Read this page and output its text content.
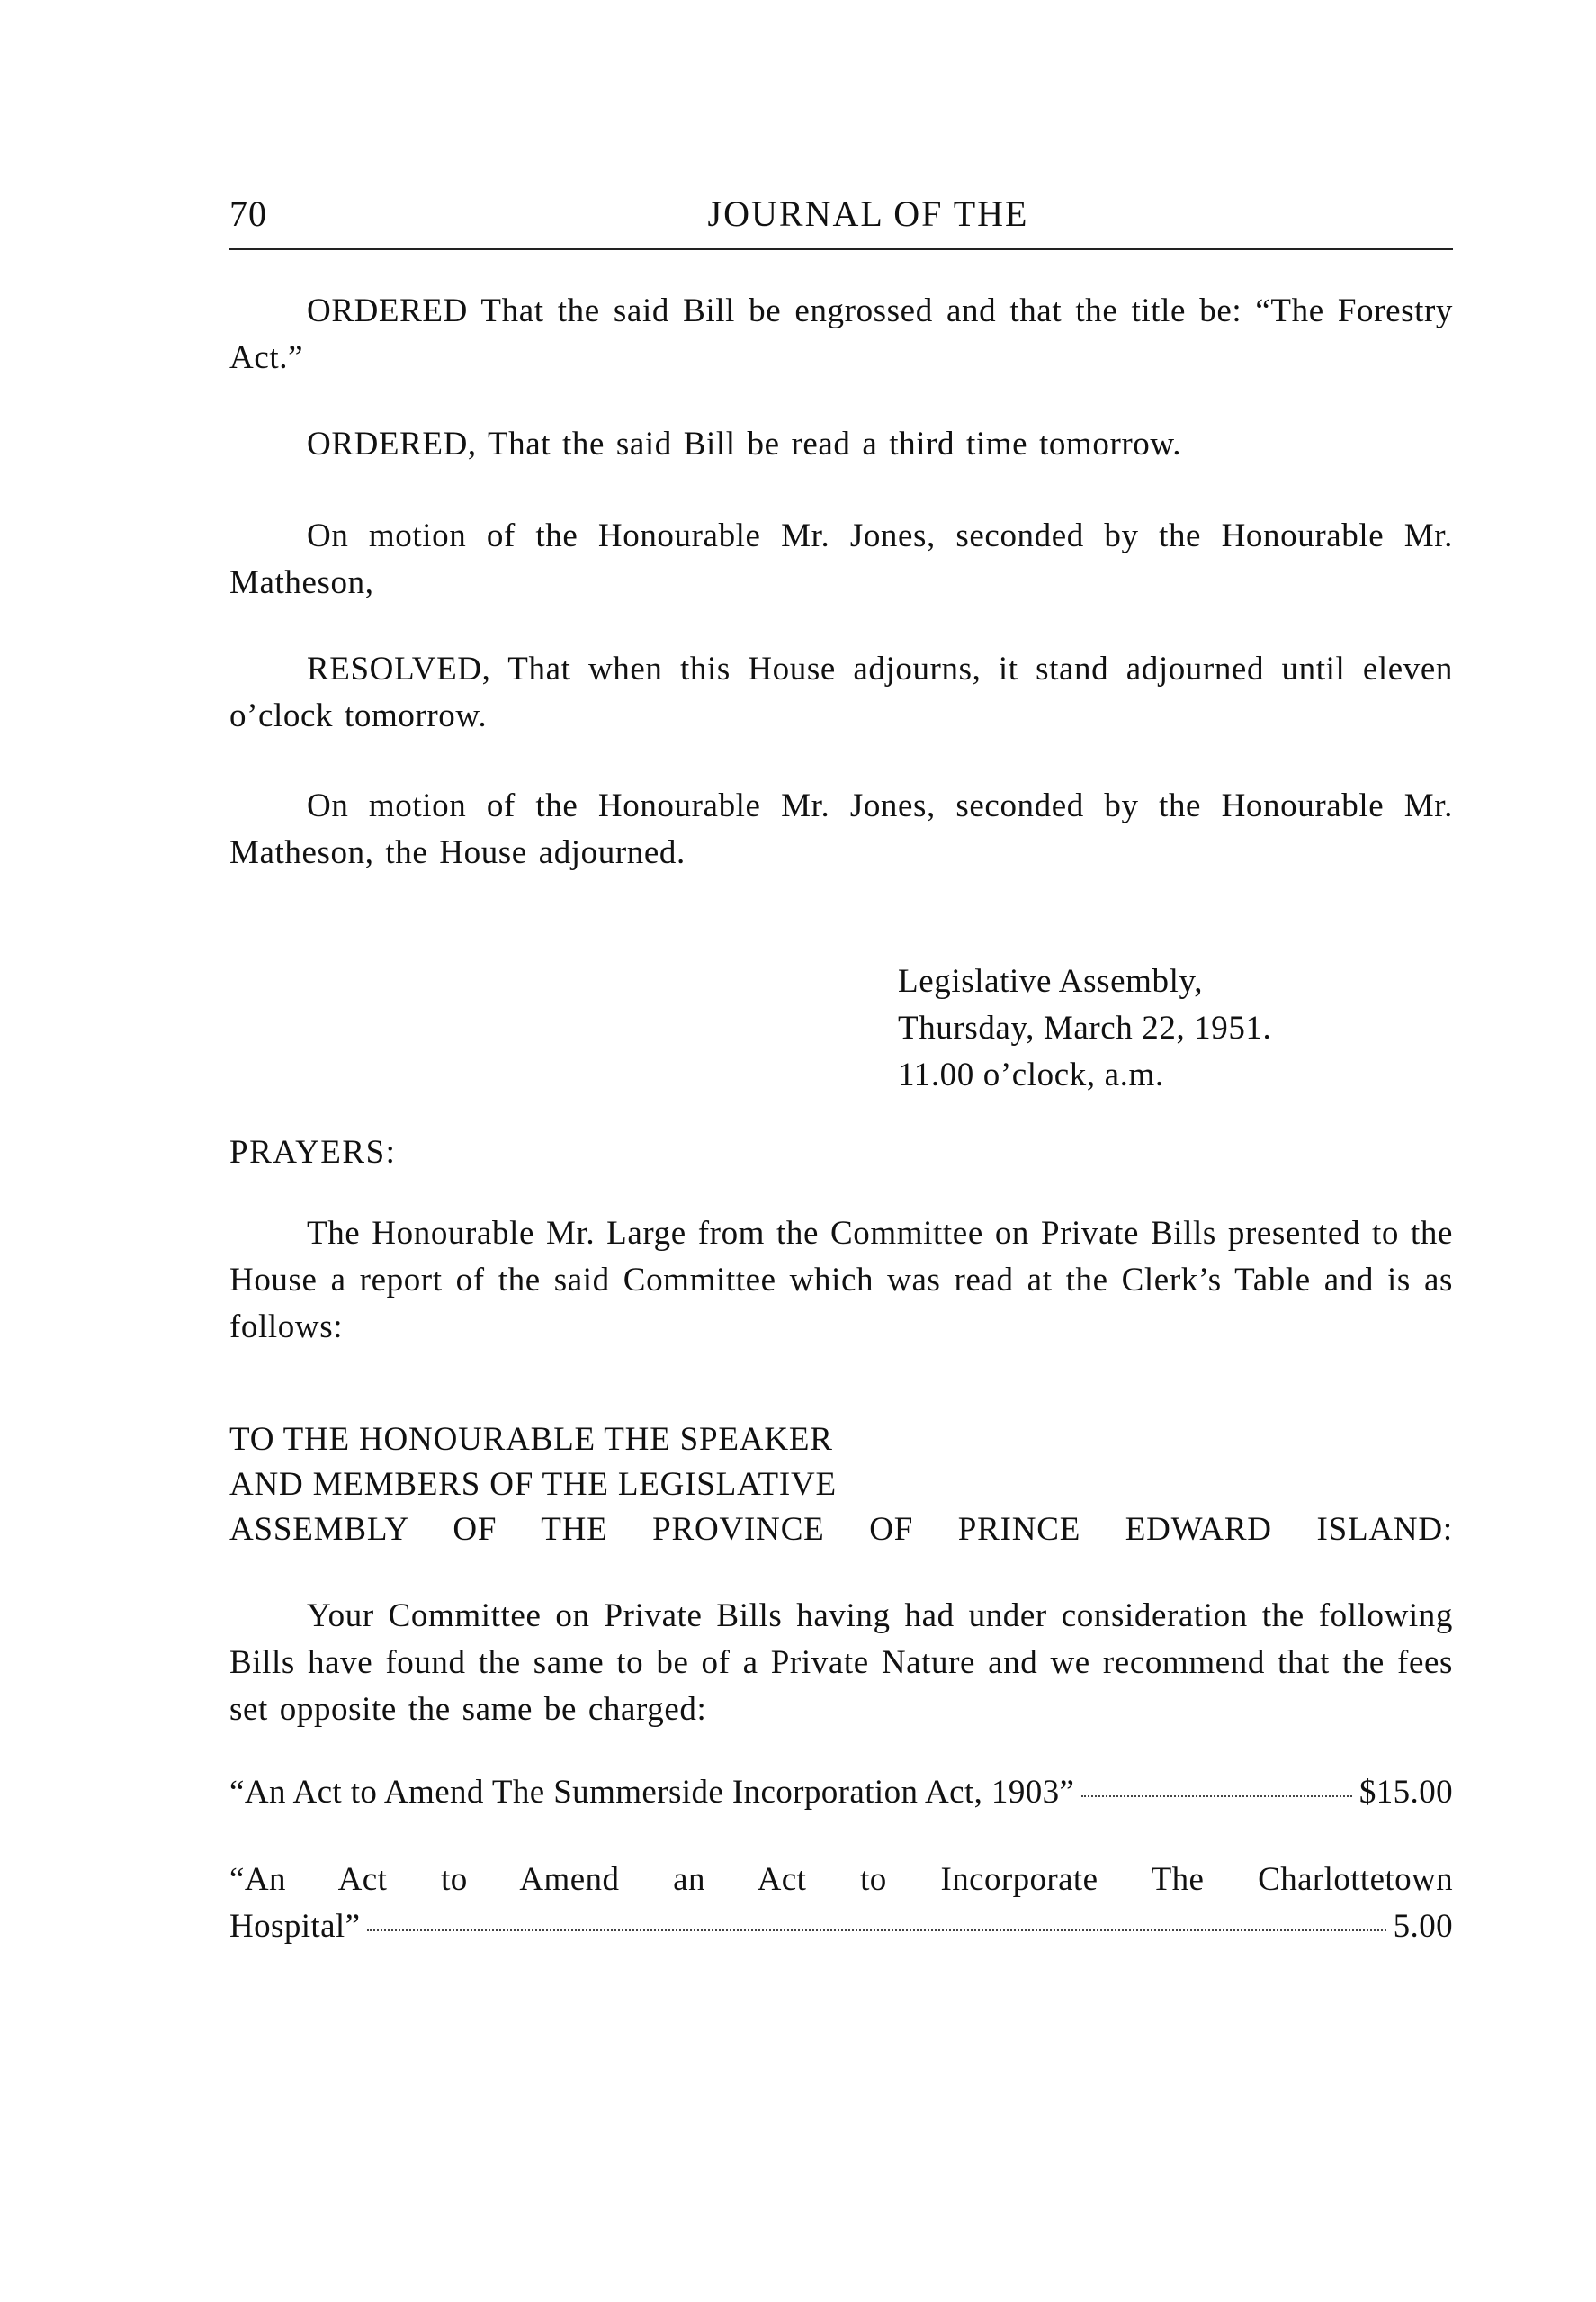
70	JOURNAL OF THE

ORDERED That the said Bill be engrossed and that the title be: “The Forestry Act.”

ORDERED, That the said Bill be read a third time tomorrow.

On motion of the Honourable Mr. Jones, seconded by the Honourable Mr. Matheson,

RESOLVED, That when this House adjourns, it stand adjourned until eleven o’clock tomorrow.

On motion of the Honourable Mr. Jones, seconded by the Honourable Mr. Matheson, the House adjourned.

Legislative Assembly,
Thursday, March 22, 1951.
11.00 o’clock, a.m.
PRAYERS:

The Honourable Mr. Large from the Committee on Private Bills presented to the House a report of the said Committee which was read at the Clerk’s Table and is as follows:

TO THE HONOURABLE THE SPEAKER
AND MEMBERS OF THE LEGISLATIVE
ASSEMBLY OF THE PROVINCE OF PRINCE EDWARD ISLAND:

Your Committee on Private Bills having had under consideration the following Bills have found the same to be of a Private Nature and we recommend that the fees set opposite the same be charged:

“An Act to Amend The Summerside Incorporation Act, 1903”	$15.00
“An Act to Amend an Act to Incorporate The Charlottetown
Hospital”	5.00
